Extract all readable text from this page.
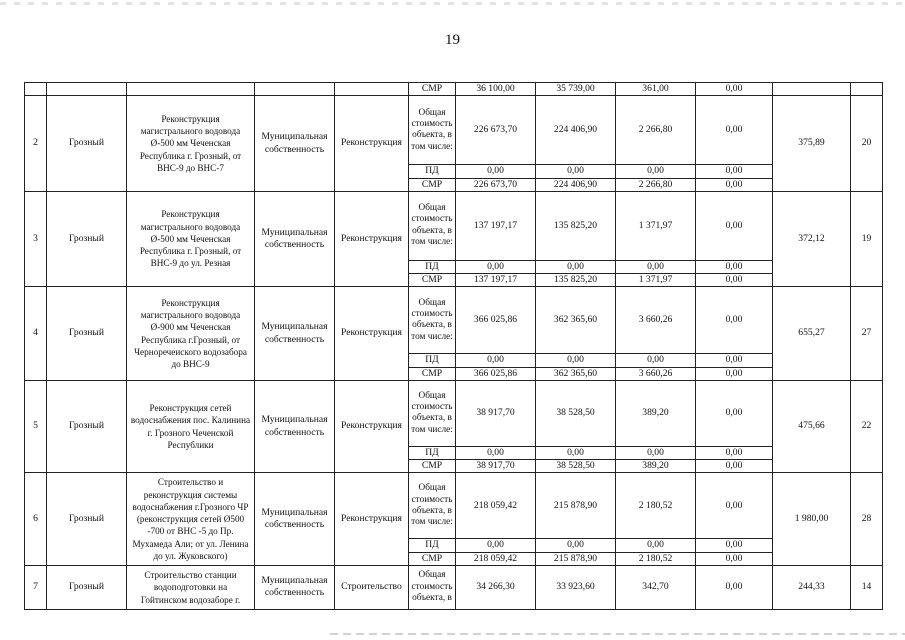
19
					СМР	36 100,00	35 739,00	361,00	0,00		
2	Грозный	Реконструкция магистрального водовода Ø-500 мм Чеченская Республика г. Грозный, от ВНС-9 до ВНС-7	Муниципальная собственность	Реконструкция	Общая стоимость объекта, в том числе:	226 673,70	224 406,90	2 266,80	0,00	375,89	20
					ПД	0,00	0,00	0,00	0,00		
					СМР	226 673,70	224 406,90	2 266,80	0,00		
3	Грозный	Реконструкция магистрального водовода Ø-500 мм Чеченская Республика г. Грозный, от ВНС-9 до ул. Резная	Муниципальная собственность	Реконструкция	Общая стоимость объекта, в том числе:	137 197,17	135 825,20	1 371,97	0,00	372,12	19
					ПД	0,00	0,00	0,00	0,00		
					СМР	137 197,17	135 825,20	1 371,97	0,00		
4	Грозный	Реконструкция магистрального водовода Ø-900 мм Чеченская Республика г.Грозный, от Черноречеиского водозабора до ВНС-9	Муниципальная собственность	Реконструкция	Общая стоимость объекта, в том числе:	366 025,86	362 365,60	3 660,26	0,00	655,27	27
					ПД	0,00	0,00	0,00	0,00		
					СМР	366 025,86	362 365,60	3 660,26	0,00		
5	Грозный	Реконструкция сетей водоснабжения пос. Калинина г. Грозного Чеченской Республики	Муниципальная собственность	Реконструкция	Общая стоимость объекта, в том числе:	38 917,70	38 528,50	389,20	0,00	475,66	22
					ПД	0,00	0,00	0,00	0,00		
					СМР	38 917,70	38 528,50	389,20	0,00		
6	Грозный	Строительство и реконструкция системы водоснабжения г.Грозного ЧР (реконструкция сетей Ø500 -700 от ВНС -5 до Пр. Мухамеда Али; от ул. Ленина до ул. Жуковского)	Муниципальная собственность	Реконструкция	Общая стоимость объекта, в том числе:	218 059,42	215 878,90	2 180,52	0,00	1 980,00	28
					ПД	0,00	0,00	0,00	0,00		
					СМР	218 059,42	215 878,90	2 180,52	0,00		
7	Грозный	Строительство станции водоподготовки на Гойтинском водозаборе г.	Муниципальная собственность	Строительство	Общая стоимость объекта, в	34 266,30	33 923,60	342,70	0,00	244,33	14
